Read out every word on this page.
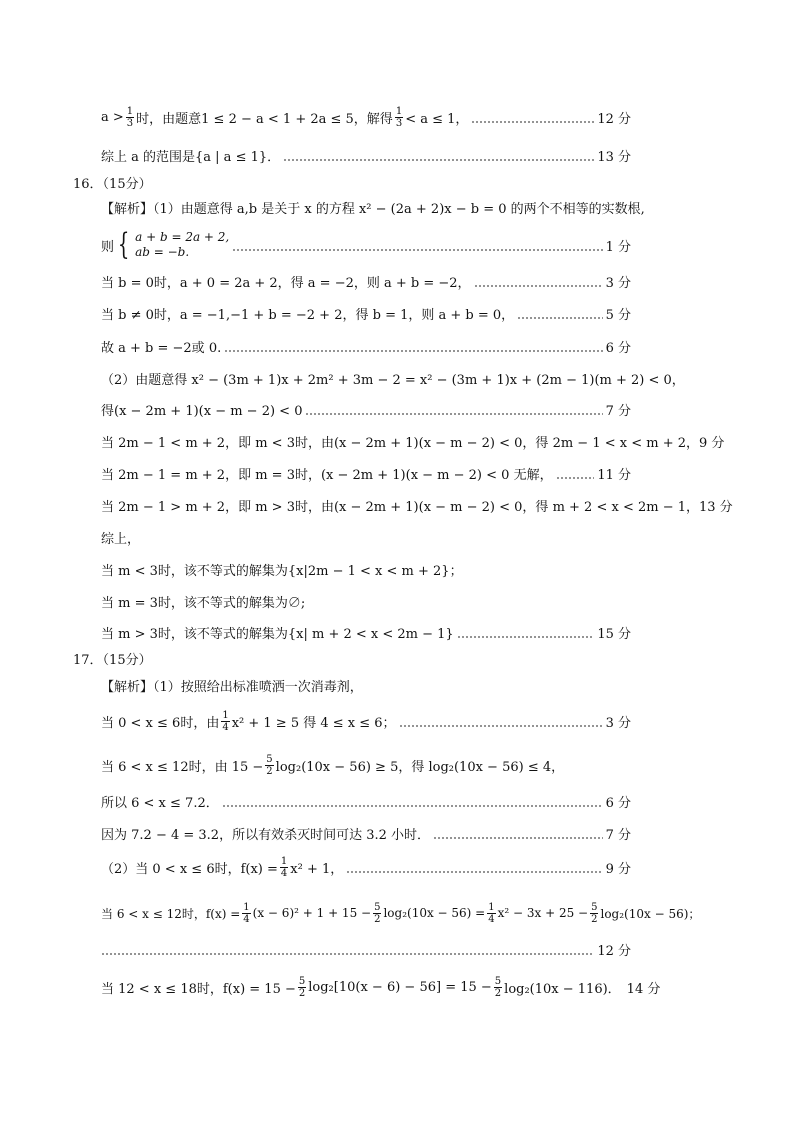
$a > \frac{1}{3}$ 时，由题意1 ≤ 2 − a < 1 + 2a ≤ 5，解得 $\frac{1}{3} < a \le 1$，	12 分
综上 a 的范围是{a | a ≤ 1}．	13 分
16．（15分）
【解析】（1）由题意得 a,b 是关于 x 的方程 x² − (2a + 2)x − b = 0 的两个不相等的实数根,
则 { a + b = 2a + 2,
ab = −b.	1 分
当 b = 0时，a + 0 = 2a + 2，得 a = −2，则 a + b = −2，	3 分
当 b ≠ 0时，a = −1,−1 + b = −2 + 2，得 b = 1，则 a + b = 0，	5 分
故 a + b = −2或 0.	6 分
（2）由题意得 x² − (3m + 1)x + 2m² + 3m − 2 = x² − (3m + 1)x + (2m − 1)(m + 2) < 0，
得(x − 2m + 1)(x − m − 2) < 0	7 分
当 2m − 1 < m + 2，即 m < 3时，由(x − 2m + 1)(x − m − 2) < 0，得 2m − 1 < x < m + 2， 9 分
当 2m − 1 = m + 2，即 m = 3时，(x − 2m + 1)(x − m − 2) < 0 无解，	11 分
当 2m − 1 > m + 2，即 m > 3时，由(x − 2m + 1)(x − m − 2) < 0，得 m + 2 < x < 2m − 1， 13 分
综上，
当 m < 3时，该不等式的解集为{x|2m − 1 < x < m + 2}；
当 m = 3时，该不等式的解集为∅;
当 m > 3时，该不等式的解集为{x| m + 2 < x < 2m − 1}	15 分
17．（15分）
【解析】（1）按照给出标准喷洒一次消毒剂，
当 0 < x ≤ 6时，由 $\frac{1}{4} x^2 + 1 \ge 5$ 得 4 ≤ x ≤ 6；	3 分
当 6 < x ≤ 12时，由 $15 - \frac{5}{2} \log_2(10x - 56) \ge 5$，得 log₂(10x − 56) ≤ 4，
所以 6 < x ≤ 7.2．	6 分
因为 7.2 − 4 = 3.2，所以有效杀灭时间可达 3.2 小时．	7 分
（2）当 0 < x ≤ 6时，$f(x) = \frac{1}{4} x^2 + 1$，	9 分
当 6 < x ≤ 12时，$f(x) = \frac{1}{4} (x - 6)^2 + 1 + 15 - \frac{5}{2} \log_2(10x - 56) = \frac{1}{4} x^2 - 3x + 25 - \frac{5}{2} \log_2(10x - 56)$；
12 分
当 12 < x ≤ 18时，$f(x) = 15 - \frac{5}{2} \log_2[10(x - 6) - 56] = 15 - \frac{5}{2} \log_2(10x - 116)$． 14 分
